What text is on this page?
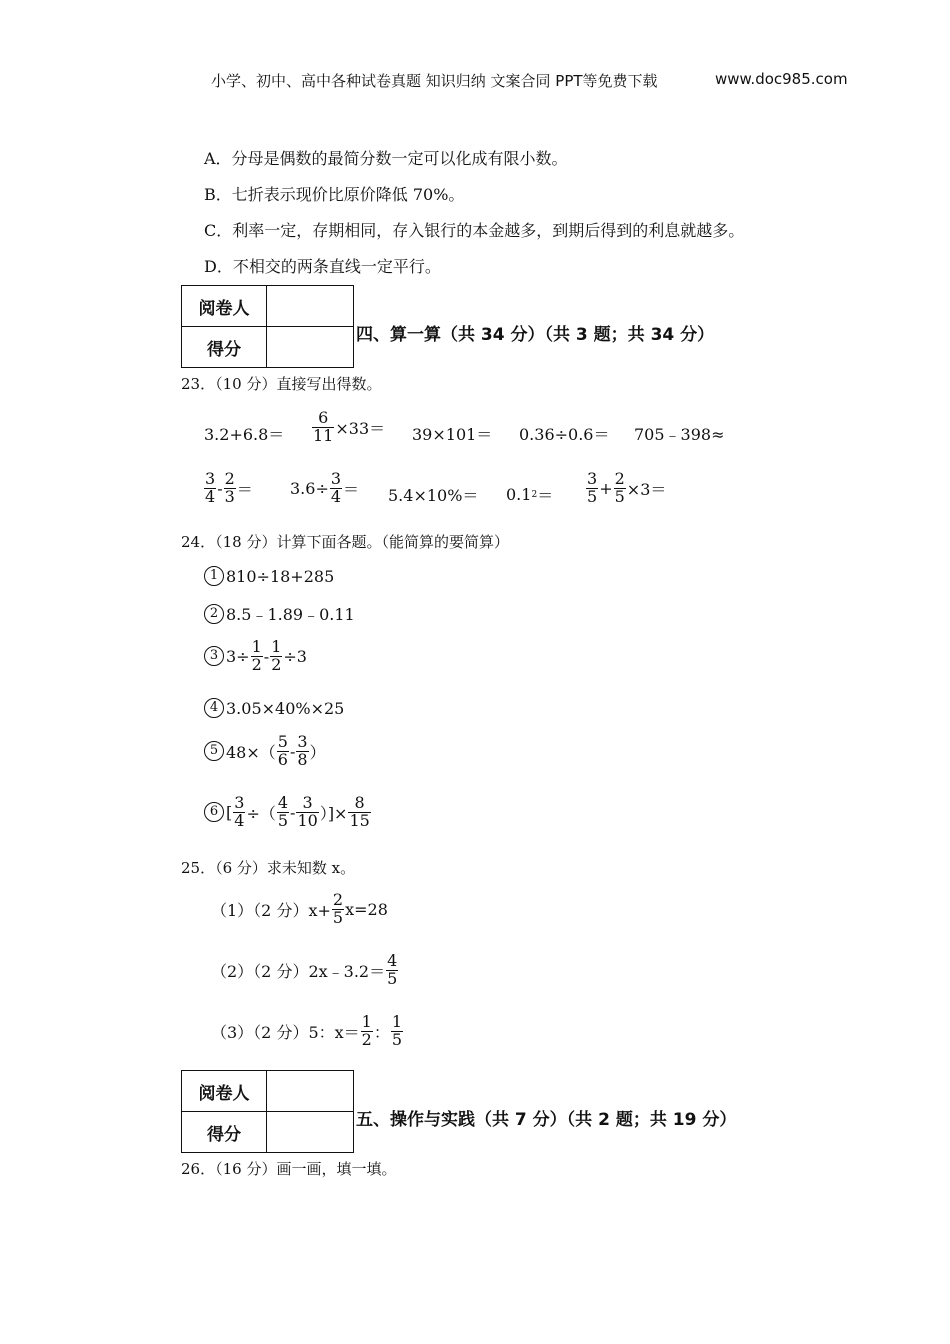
小学、初中、高中各种试卷真题 知识归纳 文案合同 PPT等免费下载	www.doc985.com
A．分母是偶数的最简分数一定可以化成有限小数。
B．七折表示现价比原价降低 70%。
C．利率一定，存期相同，存入银行的本金越多，到期后得到的利息就越多。
D．不相交的两条直线一定平行。
阅卷人	
得分	
四、算一算（共 34 分）（共 3 题；共 34 分）
23．（10 分）直接写出得数。
$3.2+6.8= \frac{6}{11} \times 33= 39\times 101= 0.36\div 0.6=$ 705﹣398≈
$\frac{3}{4} - \frac{2}{3} = 3.6\div \frac{3}{4} = 5.4\times 10\%= 0.1$ $2 = \frac{3}{5} + \frac{2}{5} \times 3=$
24．（18 分）计算下面各题。（能简算的要简算）
1 810÷18+285
2 8.5﹣1.89﹣0.11
3 $3\div \frac{1}{2} - \frac{1}{2} \div 3$
4 3.05×40%×25
5 $48\times( \frac{5}{6} - \frac{3}{8}$ ）
6 [ $\frac{3}{4}$ ÷（ $\frac{4}{5} - \frac{3}{10}$ ）]× $\frac{8}{15}$
25．（6 分）求未知数 x。
（1）（2 分）$x+ \frac{2}{5} x=28$
（2）（2 分）2x﹣3.2＝ $\frac{4}{5}$
（3）（2 分）5：$x= \frac{1}{2}$ ： $\frac{1}{5}$
阅卷人	
得分	
五、操作与实践（共 7 分）（共 2 题；共 19 分）
26．（16 分）画一画，填一填。
